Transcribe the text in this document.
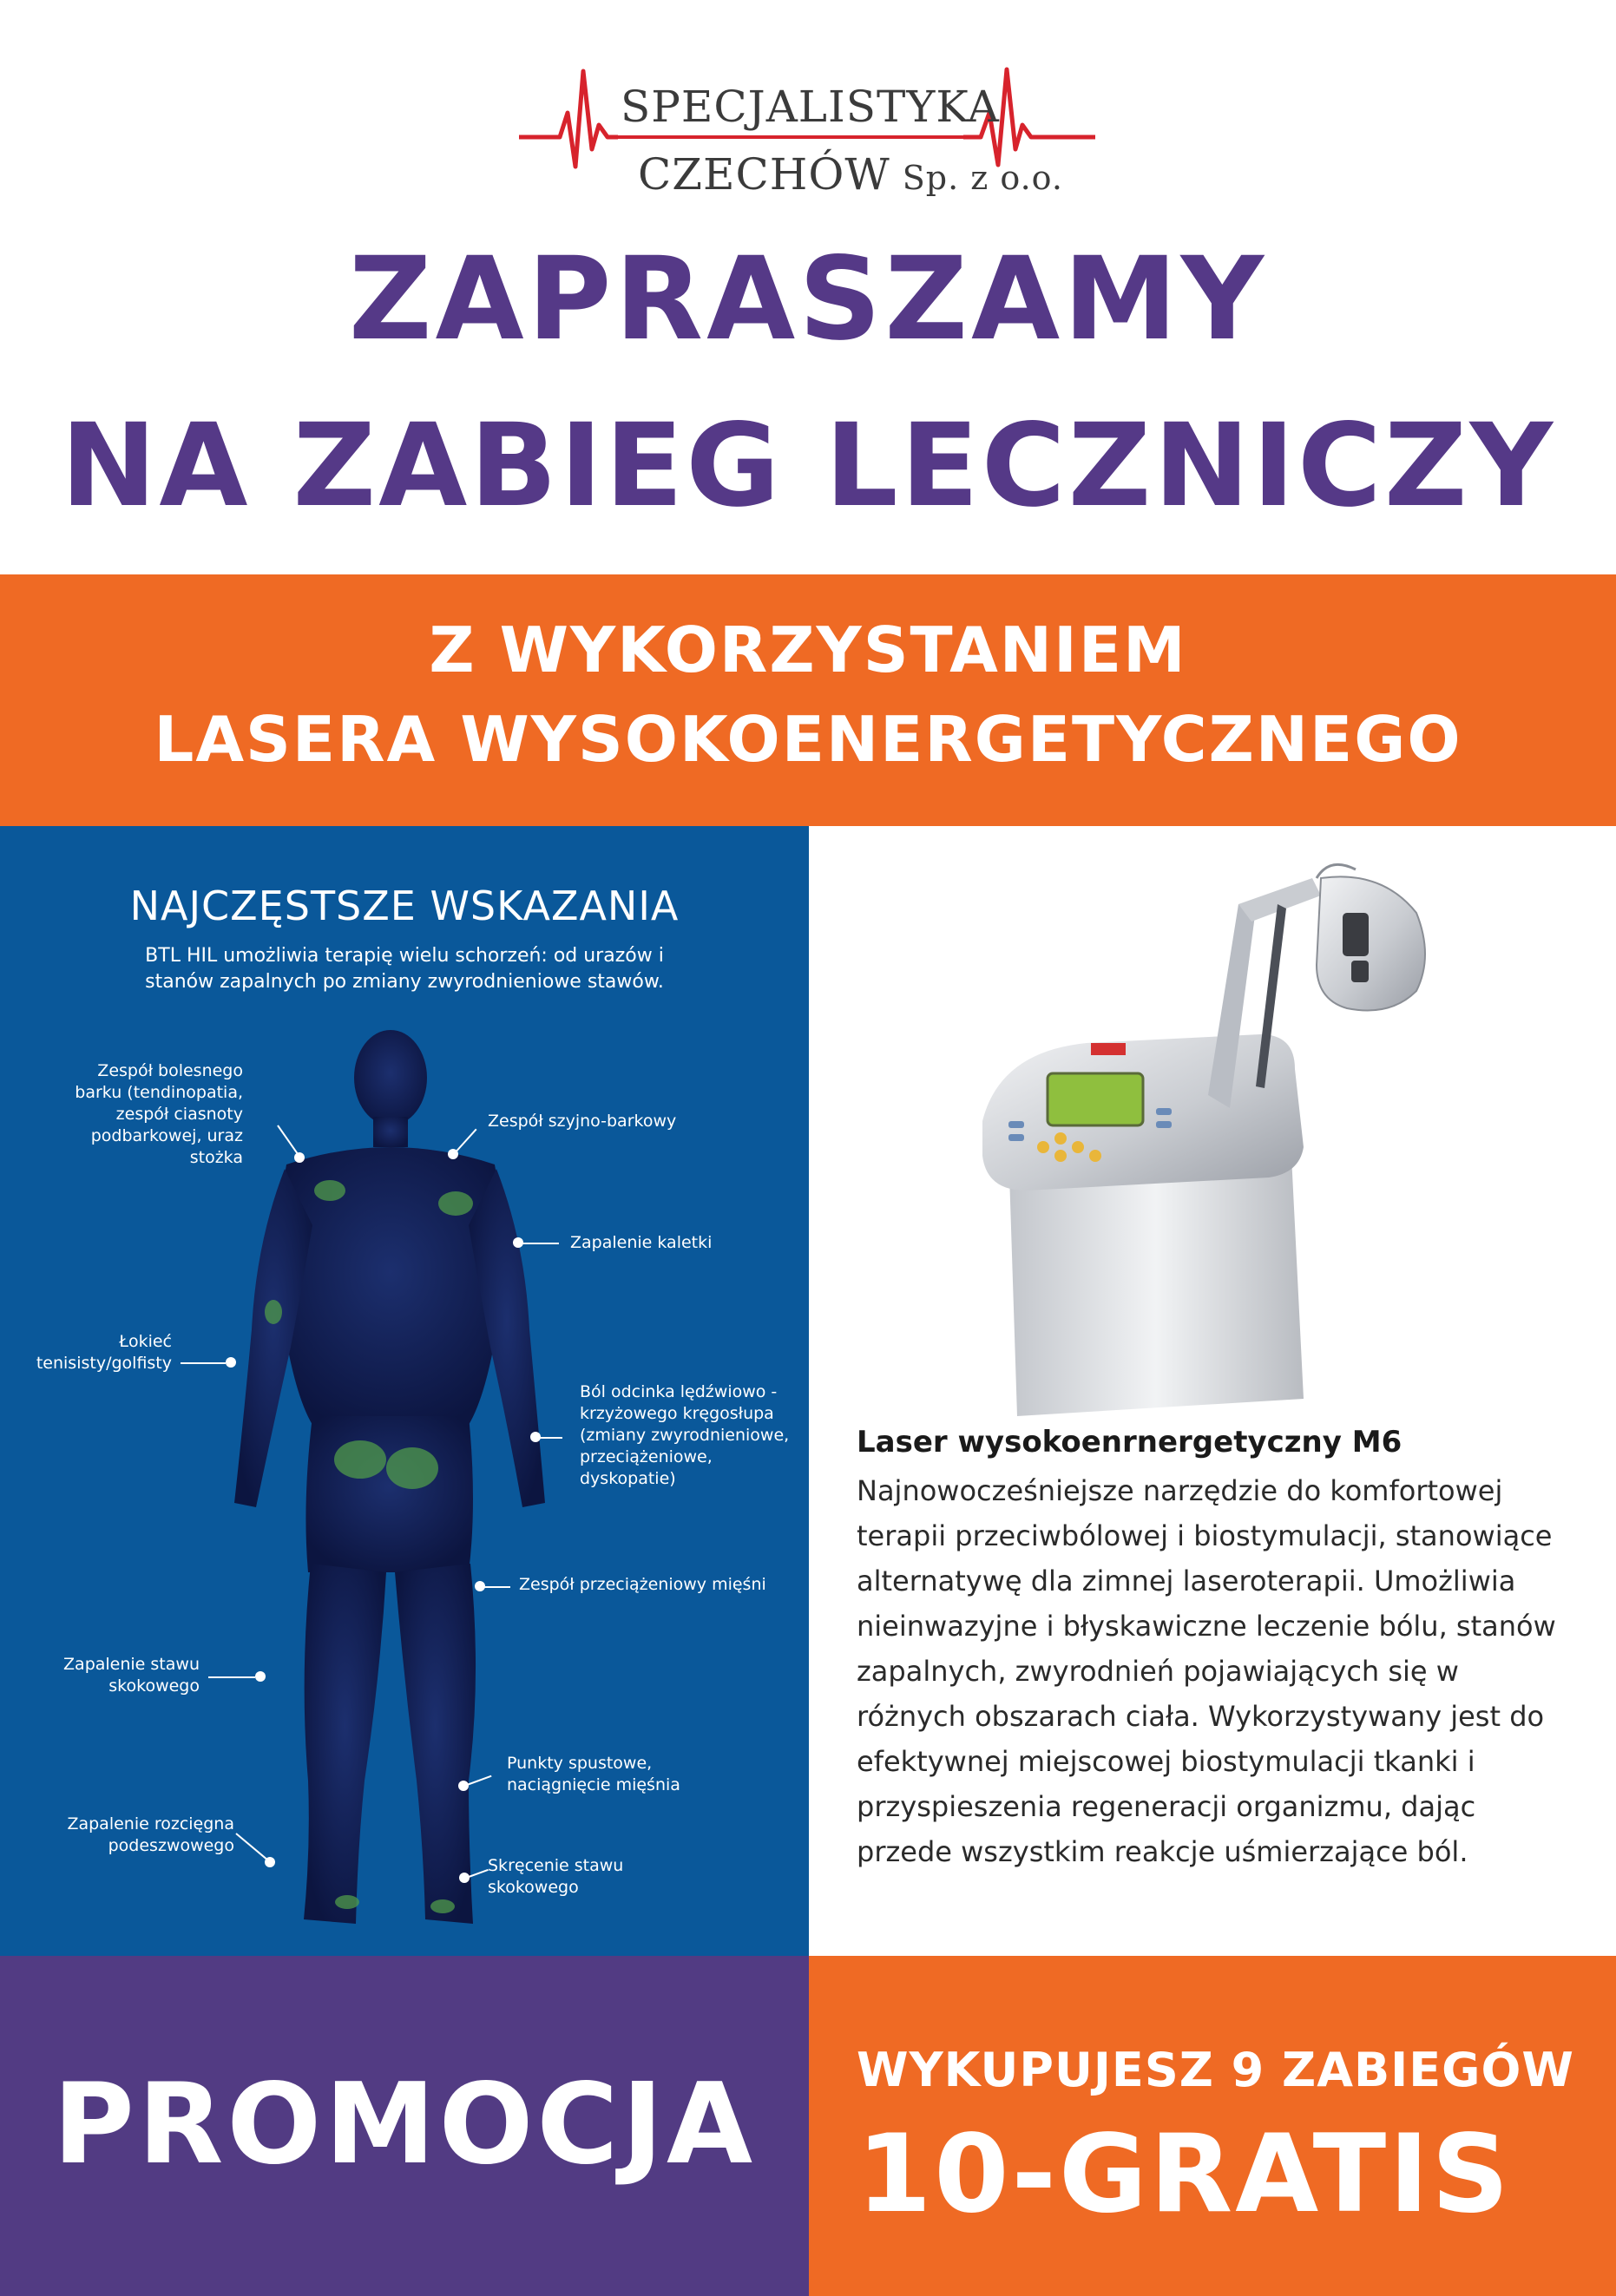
SPECJALISTYKA
CZECHÓW Sp. z o.o.
ZAPRASZAMY
NA ZABIEG LECZNICZY
Z WYKORZYSTANIEM
LASERA WYSOKOENERGETYCZNEGO
NAJCZĘSTSZE WSKAZANIA
BTL HIL umożliwia terapię wielu schorzeń: od urazów i stanów zapalnych po zmiany zwyrodnieniowe stawów.
Zespół bolesnego barku (tendinopatia, zespół ciasnoty podbarkowej, uraz stożka
Zespół szyjno-barkowy
Zapalenie kaletki
Łokieć tenisisty/golfisty
Ból odcinka lędźwiowo - krzyżowego kręgosłupa (zmiany zwyrodnieniowe, przeciążeniowe, dyskopatie)
Zespół przeciążeniowy mięśni
Zapalenie stawu skokowego
Punkty spustowe, naciągnięcie mięśnia
Zapalenie rozcięgna podeszwowego
Skręcenie stawu skokowego
Laser wysokoenrnergetyczny M6
Najnowocześniejsze narzędzie do komfortowej terapii przeciwbólowej i biostymulacji, stanowiące alternatywę dla zimnej laseroterapii. Umożliwia nieinwazyjne i błyskawiczne leczenie bólu, stanów zapalnych, zwyrodnień pojawiających się w różnych obszarach ciała. Wykorzystywany jest do efektywnej miejscowej biostymulacji tkanki i przyspieszenia regeneracji organizmu, dając przede wszystkim reakcje uśmierzające ból.
PROMOCJA	WYKUPUJESZ 9 ZABIEGÓW
10-GRATIS
